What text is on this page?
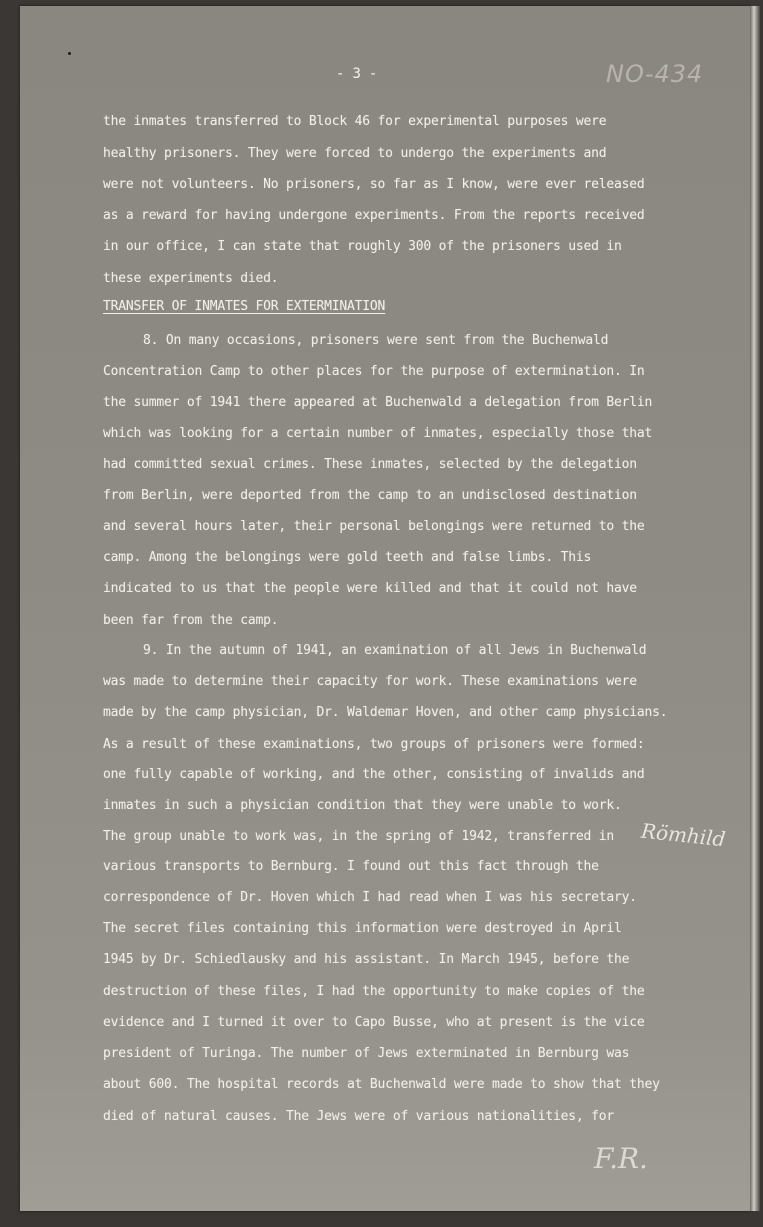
- 3 -	NO-434
the inmates transferred to Block 46 for experimental purposes were
healthy prisoners. They were forced to undergo the experiments and
were not volunteers. No prisoners, so far as I know, were ever released
as a reward for having undergone experiments. From the reports received
in our office, I can state that roughly 300 of the prisoners used in
these experiments died.
TRANSFER OF INMATES FOR EXTERMINATION
8. On many occasions, prisoners were sent from the Buchenwald
Concentration Camp to other places for the purpose of extermination. In
the summer of 1941 there appeared at Buchenwald a delegation from Berlin
which was looking for a certain number of inmates, especially those that
had committed sexual crimes. These inmates, selected by the delegation
from Berlin, were deported from the camp to an undisclosed destination
and several hours later, their personal belongings were returned to the
camp. Among the belongings were gold teeth and false limbs. This
indicated to us that the people were killed and that it could not have
been far from the camp.
9. In the autumn of 1941, an examination of all Jews in Buchenwald
was made to determine their capacity for work. These examinations were
made by the camp physician, Dr. Waldemar Hoven, and other camp physicians.
As a result of these examinations, two groups of prisoners were formed:
one fully capable of working, and the other, consisting of invalids and
inmates in such a physician condition that they were unable to work.
The group unable to work was, in the spring of 1942, transferred in
various transports to Bernburg. I found out this fact through the
correspondence of Dr. Hoven which I had read when I was his secretary.
The secret files containing this information were destroyed in April
1945 by Dr. Schiedlausky and his assistant. In March 1945, before the
destruction of these files, I had the opportunity to make copies of the
evidence and I turned it over to Capo Busse, who at present is the vice
president of Turinga. The number of Jews exterminated in Bernburg was
about 600. The hospital records at Buchenwald were made to show that they
died of natural causes. The Jews were of various nationalities, for
Römhild
F.R.
